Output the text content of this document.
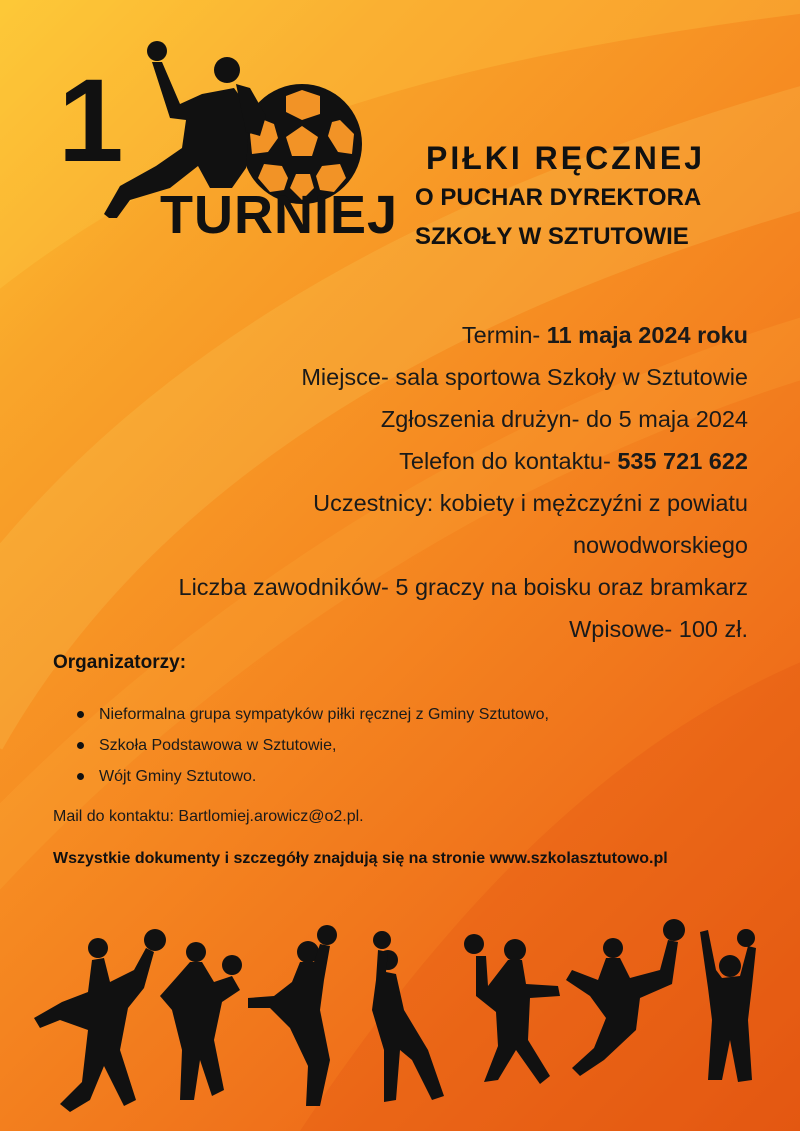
1
TURNIEJ
PIŁKI RĘCZNEJ
O PUCHAR DYREKTORA
SZKOŁY W SZTUTOWIE
Termin- 11 maja 2024 roku
Miejsce- sala sportowa Szkoły w Sztutowie
Zgłoszenia drużyn- do 5 maja 2024
Telefon do kontaktu- 535 721 622
Uczestnicy: kobiety i mężczyźni z powiatu
nowodworskiego
Liczba zawodników- 5 graczy na boisku oraz bramkarz
Wpisowe- 100 zł.
Organizatorzy:
Nieformalna grupa sympatyków piłki ręcznej z Gminy Sztutowo,
Szkoła Podstawowa w Sztutowie,
Wójt Gminy Sztutowo.
Mail do kontaktu: Bartlomiej.arowicz@o2.pl.
Wszystkie dokumenty i szczegóły znajdują się na stronie www.szkolasztutowo.pl
